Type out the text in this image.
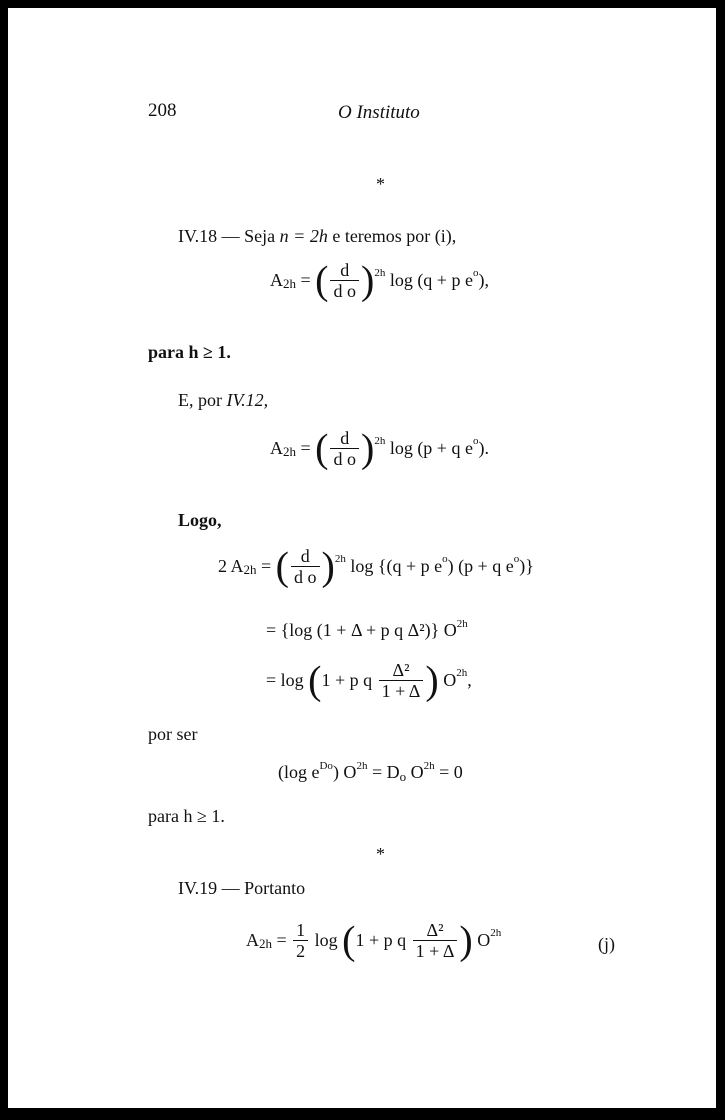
208	O Instituto
*
IV.18 — Seja n = 2h e teremos por (i),
A2h = ( $\frac{d}{\text{d o}} )^{2h}$ log (q + p $e^o$),
para h ≥ 1.
E, por IV.12,
A2h = ( $\frac{d}{\text{d o}} )^{2h}$ log (p + q $e^o$).
Logo,
2 A2h = ( $\frac{d}{\text{d o}} )^{2h}$ log {(q + p $e^o$) (p + q $e^o$)}
= {log (1 + Δ + p q Δ²)} $O^{2h}$
= log (1 + p q $\frac{\text{Δ²}}{1 + \Delta}$ ) $O^{2h}$,
por ser
(log $e^{Do}$) $O^{2h} = Do$ $O^{2h} = 0$
para h ≥ 1.
*
IV.19 — Portanto
$A2h = \frac{1}{2}$ log (1 + p q $\frac{\text{Δ²}}{1 + \Delta}$ ) $O^{2h}$
(j)
